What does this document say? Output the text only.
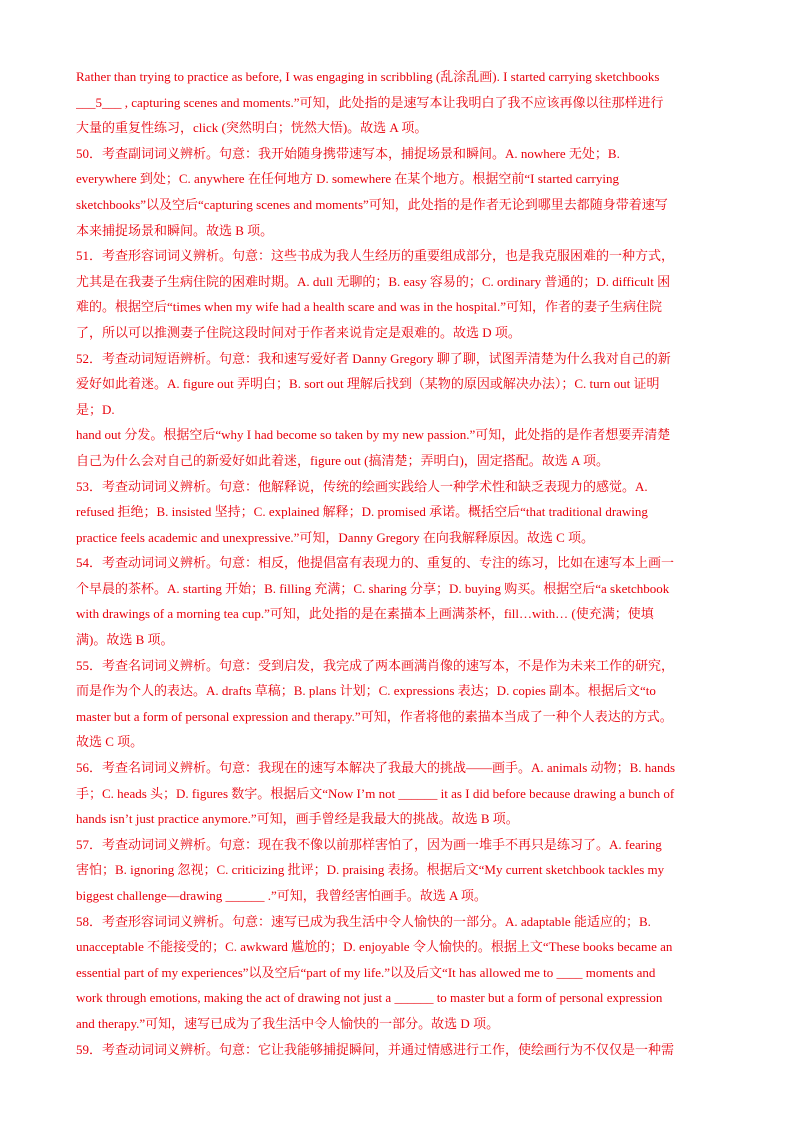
Rather than trying to practice as before, I was engaging in scribbling (乱涂乱画). I started carrying sketchbooks
___5___ , capturing scenes and moments.”可知，此处指的是速写本让我明白了我不应该再像以往那样进行
大量的重复性练习，click (突然明白；恍然大悟)。故选 A 项。
50．考查副词词义辨析。句意：我开始随身携带速写本，捕捉场景和瞬间。A. nowhere 无处；B.
everywhere 到处；C. anywhere 在任何地方 D. somewhere 在某个地方。根据空前“I started carrying
sketchbooks”以及空后“capturing scenes and moments”可知，此处指的是作者无论到哪里去都随身带着速写
本来捕捉场景和瞬间。故选 B 项。
51．考查形容词词义辨析。句意：这些书成为我人生经历的重要组成部分，也是我克服困难的一种方式，
尤其是在我妻子生病住院的困难时期。A. dull 无聊的；B. easy 容易的；C. ordinary 普通的；D. difficult 困
难的。根据空后“times when my wife had a health scare and was in the hospital.”可知，作者的妻子生病住院
了，所以可以推测妻子住院这段时间对于作者来说肯定是艰难的。故选 D 项。
52．考查动词短语辨析。句意：我和速写爱好者 Danny Gregory 聊了聊，试图弄清楚为什么我对自己的新
爱好如此着迷。A. figure out 弄明白；B. sort out 理解后找到（某物的原因或解决办法）；C. turn out 证明
是；D.
hand out 分发。根据空后“why I had become so taken by my new passion.”可知，此处指的是作者想要弄清楚
自己为什么会对自己的新爱好如此着迷，figure out (搞清楚；弄明白)，固定搭配。故选 A 项。
53．考查动词词义辨析。句意：他解释说，传统的绘画实践给人一种学术性和缺乏表现力的感觉。A.
refused 拒绝；B. insisted 坚持；C. explained 解释；D. promised 承诺。概括空后“that traditional drawing
practice feels academic and unexpressive.”可知，Danny Gregory 在向我解释原因。故选 C 项。
54．考查动词词义辨析。句意：相反，他提倡富有表现力的、重复的、专注的练习，比如在速写本上画一
个早晨的茶杯。A. starting 开始；B. filling 充满；C. sharing 分享；D. buying 购买。根据空后“a sketchbook
with drawings of a morning tea cup.”可知，此处指的是在素描本上画满茶杯，fill…with… (使充满；使填
满)。故选 B 项。
55．考查名词词义辨析。句意：受到启发，我完成了两本画满肖像的速写本，不是作为未来工作的研究，
而是作为个人的表达。A. drafts 草稿；B. plans 计划；C. expressions 表达；D. copies 副本。根据后文“to
master but a form of personal expression and therapy.”可知，作者将他的素描本当成了一种个人表达的方式。
故选 C 项。
56．考查名词词义辨析。句意：我现在的速写本解决了我最大的挑战——画手。A. animals 动物；B. hands
手；C. heads 头；D. figures 数字。根据后文“Now I’m not ______ it as I did before because drawing a bunch of
hands isn’t just practice anymore.”可知，画手曾经是我最大的挑战。故选 B 项。
57．考查动词词义辨析。句意：现在我不像以前那样害怕了，因为画一堆手不再只是练习了。A. fearing
害怕；B. ignoring 忽视；C. criticizing 批评；D. praising 表扬。根据后文“My current sketchbook tackles my
biggest challenge—drawing ______ .”可知，我曾经害怕画手。故选 A 项。
58．考查形容词词义辨析。句意：速写已成为我生活中令人愉快的一部分。A. adaptable 能适应的；B.
unacceptable 不能接受的；C. awkward 尴尬的；D. enjoyable 令人愉快的。根据上文“These books became an
essential part of my experiences”以及空后“part of my life.”以及后文“It has allowed me to ____ moments and
work through emotions, making the act of drawing not just a ______ to master but a form of personal expression
and therapy.”可知，速写已成为了我生活中令人愉快的一部分。故选 D 项。
59．考查动词词义辨析。句意：它让我能够捕捉瞬间，并通过情感进行工作，使绘画行为不仅仅是一种需
